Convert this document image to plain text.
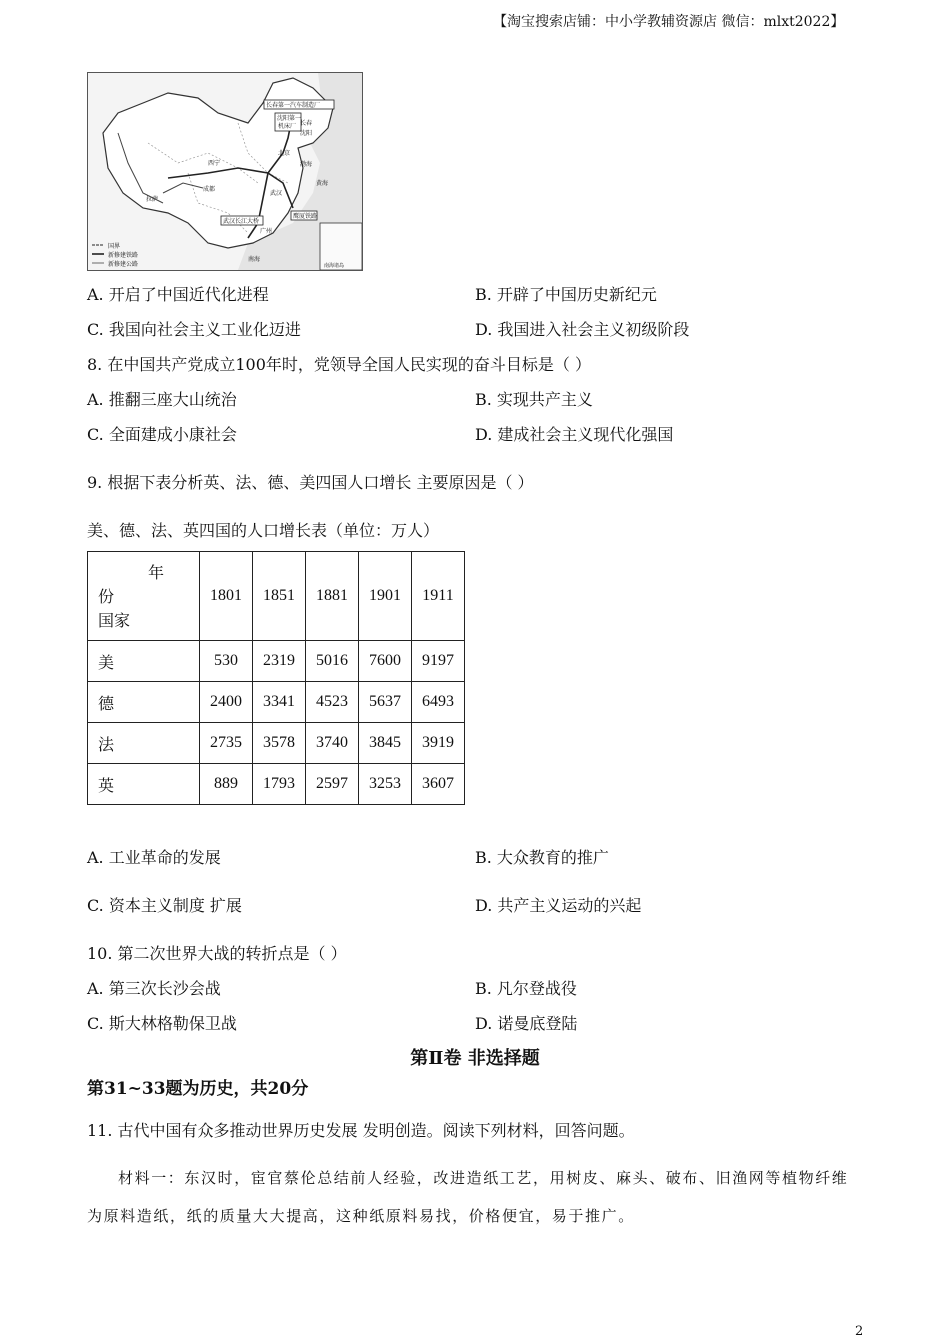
【淘宝搜索店铺：中小学教辅资源店 微信：mlxt2022】
长春第一汽车制造厂
沈阳第一
机床厂 长春
沈阳
北京
西宁
成都
拉萨
武汉
广州
武汉长江大桥
鹰厦铁路
渤海
黄海
南海
南海诸岛
国界
新修建铁路
新修建公路
A. 开启了中国近代化进程	B. 开辟了中国历史新纪元
C. 我国向社会主义工业化迈进	D. 我国进入社会主义初级阶段
8. 在中国共产党成立100年时，党领导全国人民实现的奋斗目标是（ ）
A. 推翻三座大山统治	B. 实现共产主义
C. 全面建成小康社会	D. 建成社会主义现代化强国
9. 根据下表分析英、法、德、美四国人口增长 主要原因是（ ）
美、德、法、英四国的人口增长表（单位：万人）
年
份
国家	1801	1851	1881	1901	1911
美	530	2319	5016	7600	9197
德	2400	3341	4523	5637	6493
法	2735	3578	3740	3845	3919
英	889	1793	2597	3253	3607
A. 工业革命的发展	B. 大众教育的推广
C. 资本主义制度 扩展	D. 共产主义运动的兴起
10. 第二次世界大战的转折点是（ ）
A. 第三次长沙会战	B. 凡尔登战役
C. 斯大林格勒保卫战	D. 诺曼底登陆
第Ⅱ卷 非选择题
第31~33题为历史，共20分
11. 古代中国有众多推动世界历史发展 发明创造。阅读下列材料，回答问题。
材料一：东汉时，宦官蔡伦总结前人经验，改进造纸工艺，用树皮、麻头、破布、旧渔网等植物纤维
为原料造纸，纸的质量大大提高，这种纸原料易找，价格便宜，易于推广。
2
